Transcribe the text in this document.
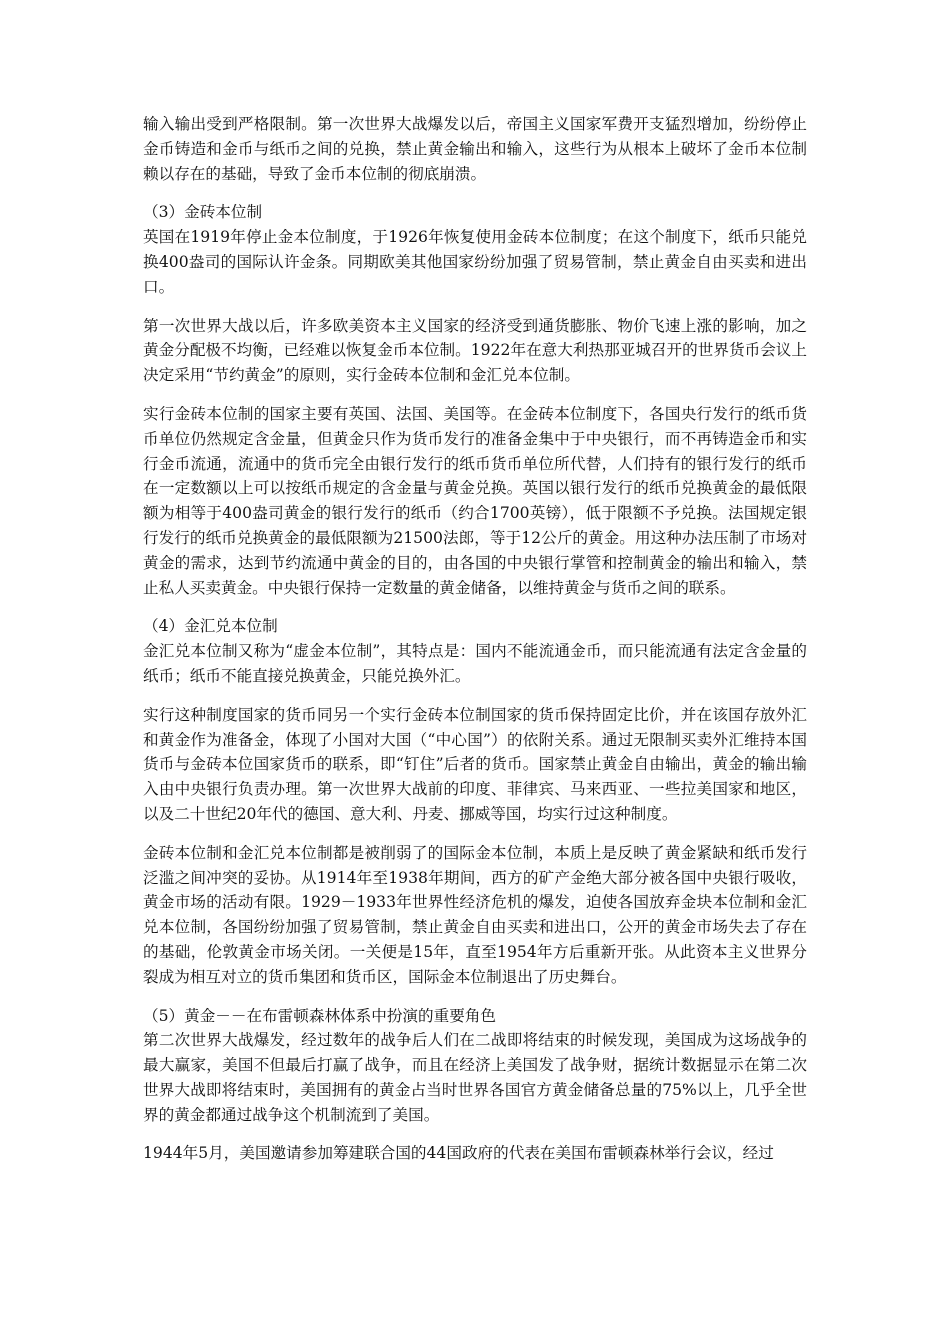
输入输出受到严格限制。第一次世界大战爆发以后，帝国主义国家军费开支猛烈增加，纷纷停止金币铸造和金币与纸币之间的兑换，禁止黄金输出和输入，这些行为从根本上破坏了金币本位制赖以存在的基础，导致了金币本位制的彻底崩溃。

（3）金砖本位制

英国在1919年停止金本位制度，于1926年恢复使用金砖本位制度；在这个制度下，纸币只能兑换400盎司的国际认许金条。同期欧美其他国家纷纷加强了贸易管制，禁止黄金自由买卖和进出口。

第一次世界大战以后，许多欧美资本主义国家的经济受到通货膨胀、物价飞速上涨的影响，加之黄金分配极不均衡，已经难以恢复金币本位制。1922年在意大利热那亚城召开的世界货币会议上决定采用“节约黄金”的原则，实行金砖本位制和金汇兑本位制。

实行金砖本位制的国家主要有英国、法国、美国等。在金砖本位制度下，各国央行发行的纸币货币单位仍然规定含金量，但黄金只作为货币发行的准备金集中于中央银行，而不再铸造金币和实行金币流通，流通中的货币完全由银行发行的纸币货币单位所代替，人们持有的银行发行的纸币在一定数额以上可以按纸币规定的含金量与黄金兑换。英国以银行发行的纸币兑换黄金的最低限额为相等于400盎司黄金的银行发行的纸币（约合1700英镑），低于限额不予兑换。法国规定银行发行的纸币兑换黄金的最低限额为21500法郎，等于12公斤的黄金。用这种办法压制了市场对黄金的需求，达到节约流通中黄金的目的，由各国的中央银行掌管和控制黄金的输出和输入，禁止私人买卖黄金。中央银行保持一定数量的黄金储备，以维持黄金与货币之间的联系。

（4）金汇兑本位制

金汇兑本位制又称为“虚金本位制”，其特点是：国内不能流通金币，而只能流通有法定含金量的纸币；纸币不能直接兑换黄金，只能兑换外汇。

实行这种制度国家的货币同另一个实行金砖本位制国家的货币保持固定比价，并在该国存放外汇和黄金作为准备金，体现了小国对大国（“中心国”）的依附关系。通过无限制买卖外汇维持本国货币与金砖本位国家货币的联系，即“钉住”后者的货币。国家禁止黄金自由输出，黄金的输出输入由中央银行负责办理。第一次世界大战前的印度、菲律宾、马来西亚、一些拉美国家和地区，以及二十世纪20年代的德国、意大利、丹麦、挪威等国，均实行过这种制度。

金砖本位制和金汇兑本位制都是被削弱了的国际金本位制，本质上是反映了黄金紧缺和纸币发行泛滥之间冲突的妥协。从1914年至1938年期间，西方的矿产金绝大部分被各国中央银行吸收，黄金市场的活动有限。1929－1933年世界性经济危机的爆发，迫使各国放弃金块本位制和金汇兑本位制，各国纷纷加强了贸易管制，禁止黄金自由买卖和进出口，公开的黄金市场失去了存在的基础，伦敦黄金市场关闭。一关便是15年，直至1954年方后重新开张。从此资本主义世界分裂成为相互对立的货币集团和货币区，国际金本位制退出了历史舞台。

（5）黄金－－在布雷顿森林体系中扮演的重要角色

第二次世界大战爆发，经过数年的战争后人们在二战即将结束的时候发现，美国成为这场战争的最大赢家，美国不但最后打赢了战争，而且在经济上美国发了战争财，据统计数据显示在第二次世界大战即将结束时，美国拥有的黄金占当时世界各国官方黄金储备总量的75%以上，几乎全世界的黄金都通过战争这个机制流到了美国。

1944年5月，美国邀请参加筹建联合国的44国政府的代表在美国布雷顿森林举行会议，经过
